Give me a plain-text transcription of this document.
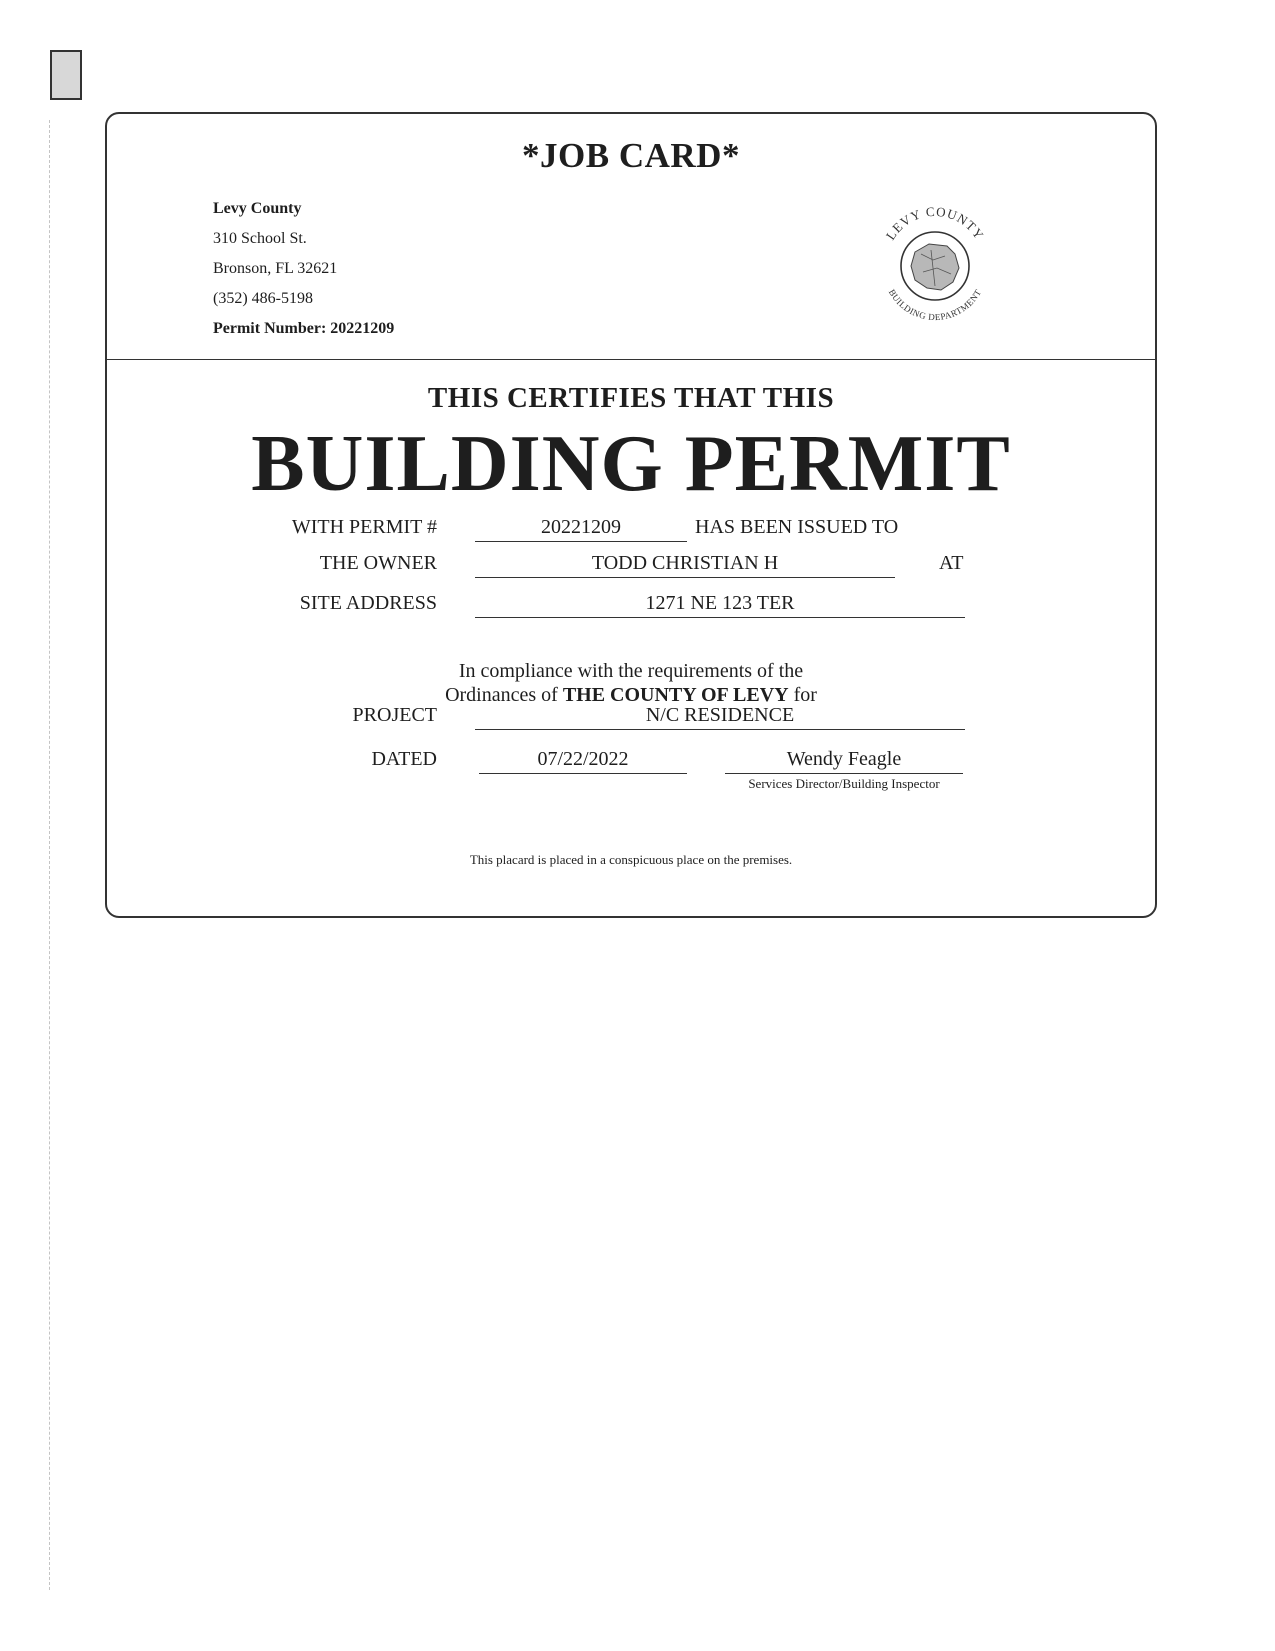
*JOB CARD*
Levy County
310 School St.
Bronson, FL 32621
(352) 486-5198
Permit Number: 20221209
LEVY COUNTY
BUILDING DEPARTMENT
THIS CERTIFIES THAT THIS
BUILDING PERMIT
WITH PERMIT #	20221209	HAS BEEN ISSUED TO
THE OWNER	TODD CHRISTIAN H	AT
SITE ADDRESS	1271 NE 123 TER
In compliance with the requirements of the
Ordinances of THE COUNTY OF LEVY for
PROJECT	N/C RESIDENCE
DATED	07/22/2022	Wendy Feagle
Services Director/Building Inspector
This placard is placed in a conspicuous place on the premises.
